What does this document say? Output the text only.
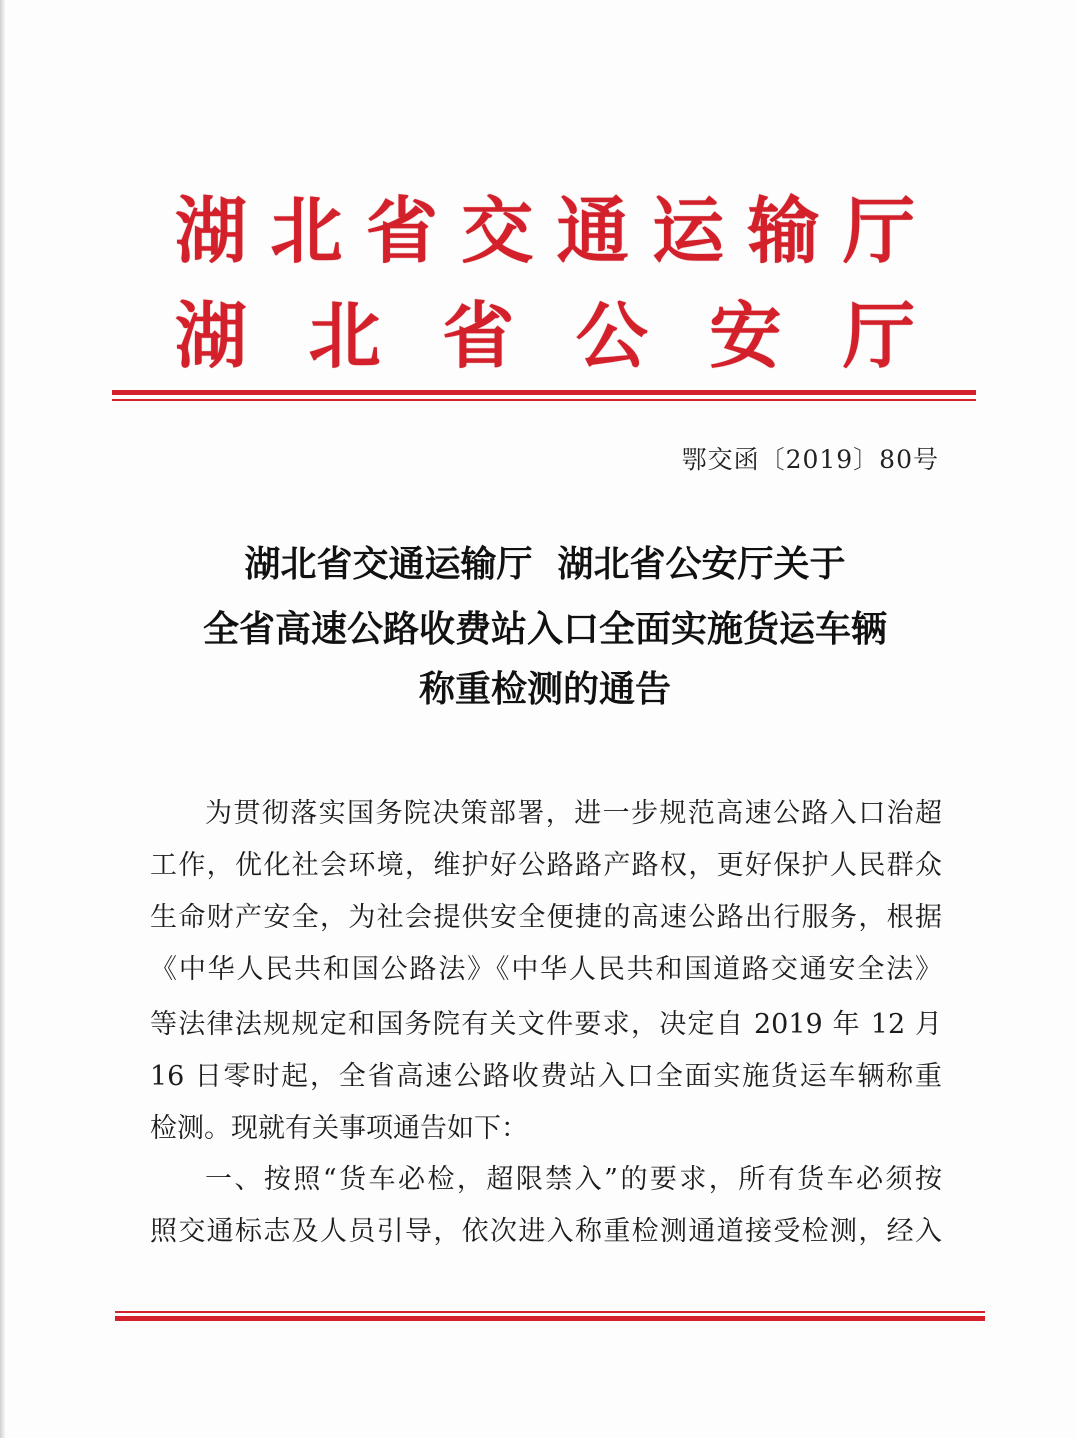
湖 北 省 交 通 运 输 厅
湖 北 省 公 安 厅
鄂交函〔2019〕80号
湖北省交通运输厅  湖北省公安厅关于
全省高速公路收费站入口全面实施货运车辆
称重检测的通告
为贯彻落实国务院决策部署，进一步规范高速公路入口治超
工作，优化社会环境，维护好公路路产路权，更好保护人民群众
生命财产安全，为社会提供安全便捷的高速公路出行服务，根据
《中华人民共和国公路法》《中华人民共和国道路交通安全法》
等法律法规规定和国务院有关文件要求，决定自 2019 年 12 月
16 日零时起，全省高速公路收费站入口全面实施货运车辆称重
检测。现就有关事项通告如下：
一、按照“货车必检，超限禁入”的要求，所有货车必须按
照交通标志及人员引导，依次进入称重检测通道接受检测，经入
